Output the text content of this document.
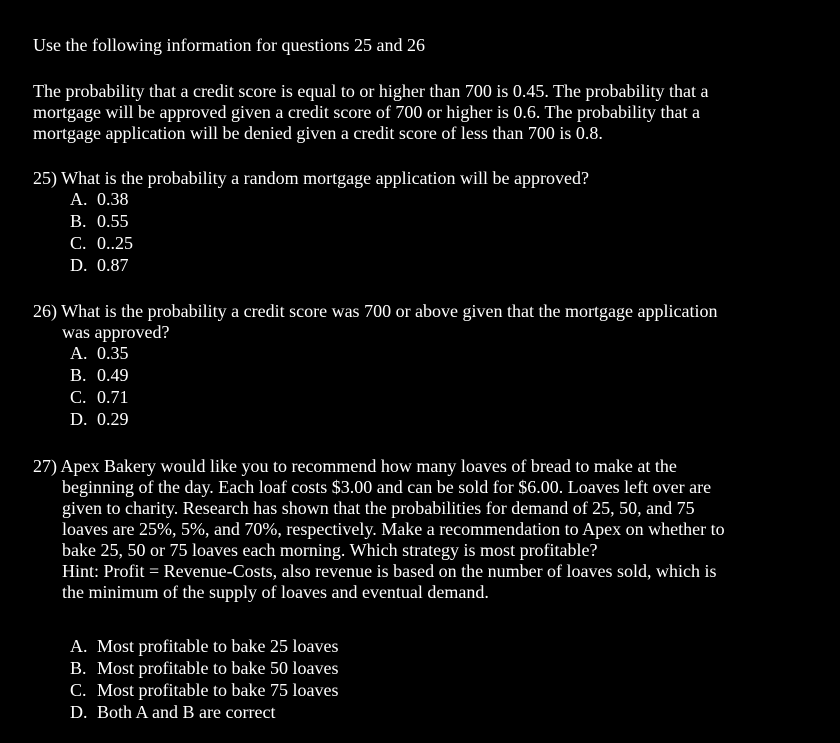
Use the following information for questions 25 and 26
The probability that a credit score is equal to or higher than 700 is 0.45. The probability that a
mortgage will be approved given a credit score of 700 or higher is 0.6. The probability that a
mortgage application will be denied given a credit score of less than 700 is 0.8.
25) What is the probability a random mortgage application will be approved?
A. 0.38
B. 0.55
C. 0..25
D. 0.87
26) What is the probability a credit score was 700 or above given that the mortgage application
was approved?
A. 0.35
B. 0.49
C. 0.71
D. 0.29
27) Apex Bakery would like you to recommend how many loaves of bread to make at the
beginning of the day. Each loaf costs $3.00 and can be sold for $6.00. Loaves left over are
given to charity. Research has shown that the probabilities for demand of 25, 50, and 75
loaves are 25%, 5%, and 70%, respectively. Make a recommendation to Apex on whether to
bake 25, 50 or 75 loaves each morning. Which strategy is most profitable?
Hint: Profit = Revenue-Costs, also revenue is based on the number of loaves sold, which is
the minimum of the supply of loaves and eventual demand.
A. Most profitable to bake 25 loaves
B. Most profitable to bake 50 loaves
C. Most profitable to bake 75 loaves
D. Both A and B are correct
